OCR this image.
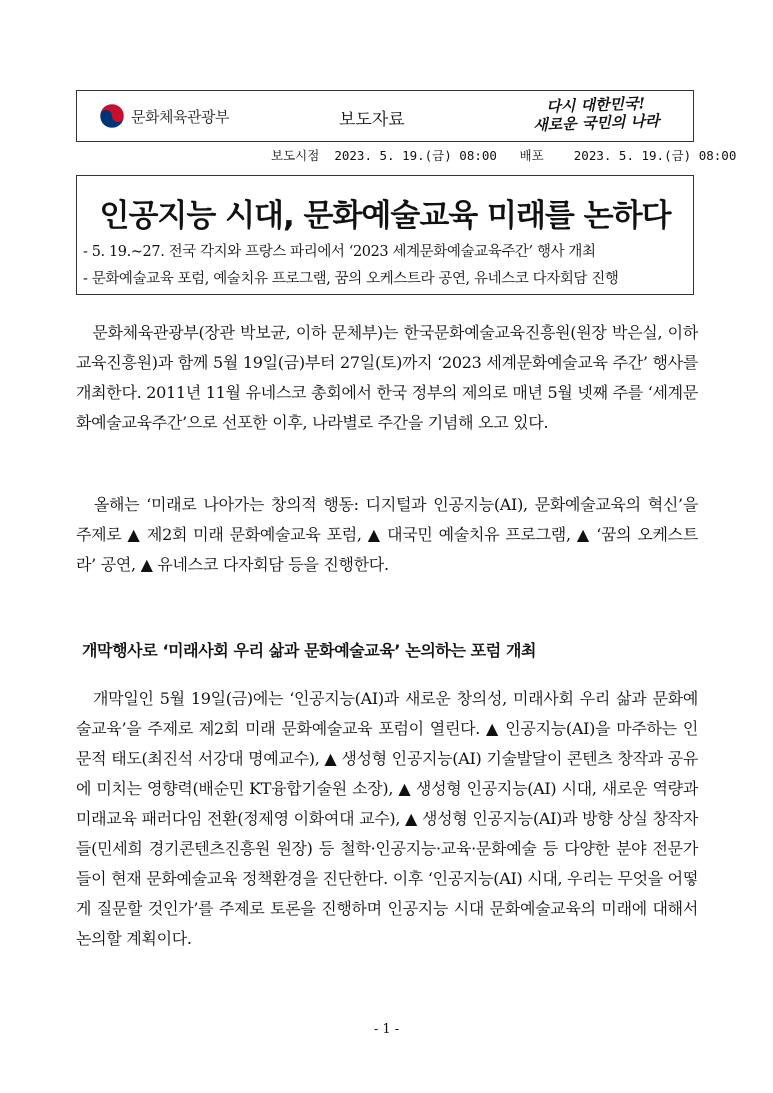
문화체육관광부	보도자료
다시 대한민국!
새로운 국민의 나라
보도시점  2023. 5. 19.(금) 08:00   배포    2023. 5. 19.(금) 08:00
인공지능 시대, 문화예술교육 미래를 논하다
- 5. 19.~27. 전국 각지와 프랑스 파리에서 ‘2023 세계문화예술교육주간’ 행사 개최
- 문화예술교육 포럼, 예술치유 프로그램, 꿈의 오케스트라 공연, 유네스코 다자회담 진행

　문화체육관광부(장관 박보균, 이하 문체부)는 한국문화예술교육진흥원(원장 박은실, 이하 교육진흥원)과 함께 5월 19일(금)부터 27일(토)까지 ‘2023 세계문화예술교육 주간’ 행사를 개최한다. 2011년 11월 유네스코 총회에서 한국 정부의 제의로 매년 5월 넷째 주를 ‘세계문화예술교육주간’으로 선포한 이후, 나라별로 주간을 기념해 오고 있다.

　올해는 ‘미래로 나아가는 창의적 행동: 디지털과 인공지능(AI), 문화예술교육의 혁신’을 주제로 ▲ 제2회 미래 문화예술교육 포럼, ▲ 대국민 예술치유 프로그램, ▲ ‘꿈의 오케스트라’ 공연, ▲ 유네스코 다자회담 등을 진행한다.

개막행사로 ‘미래사회 우리 삶과 문화예술교육’ 논의하는 포럼 개최

　개막일인 5월 19일(금)에는 ‘인공지능(AI)과 새로운 창의성, 미래사회 우리 삶과 문화예술교육’을 주제로 제2회 미래 문화예술교육 포럼이 열린다. ▲ 인공지능(AI)을 마주하는 인문적 태도(최진석 서강대 명예교수), ▲ 생성형 인공지능(AI) 기술발달이 콘텐츠 창작과 공유에 미치는 영향력(배순민 KT융합기술원 소장), ▲ 생성형 인공지능(AI) 시대, 새로운 역량과 미래교육 패러다임 전환(정제영 이화여대 교수), ▲ 생성형 인공지능(AI)과 방향 상실 창작자들(민세희 경기콘텐츠진흥원 원장) 등 철학·인공지능·교육·문화예술 등 다양한 분야 전문가들이 현재 문화예술교육 정책환경을 진단한다. 이후 ‘인공지능(AI) 시대, 우리는 무엇을 어떻게 질문할 것인가’를 주제로 토론을 진행하며 인공지능 시대 문화예술교육의 미래에 대해서 논의할 계획이다.

- 1 -
